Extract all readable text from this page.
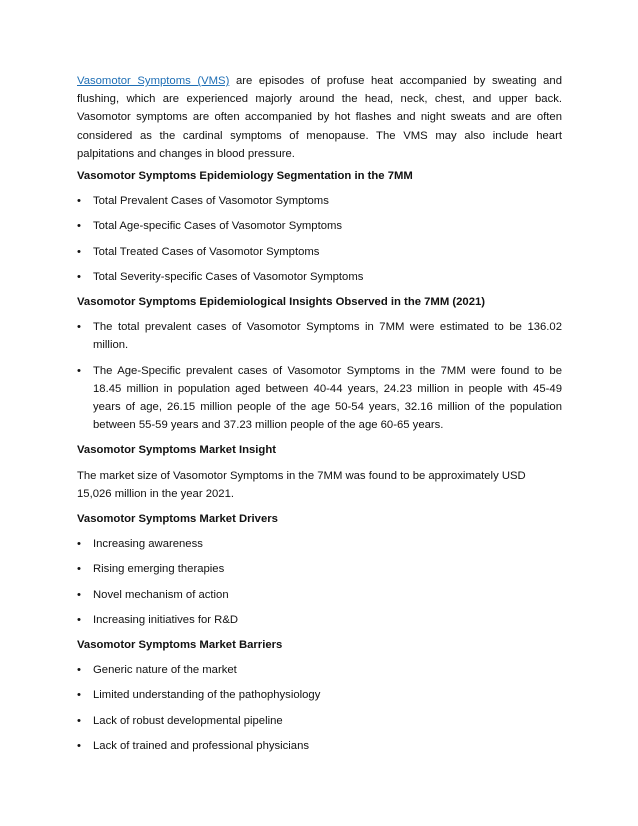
Vasomotor Symptoms (VMS) are episodes of profuse heat accompanied by sweating and flushing, which are experienced majorly around the head, neck, chest, and upper back. Vasomotor symptoms are often accompanied by hot flashes and night sweats and are often considered as the cardinal symptoms of menopause. The VMS may also include heart palpitations and changes in blood pressure.

Vasomotor Symptoms Epidemiology Segmentation in the 7MM

•	Total Prevalent Cases of Vasomotor Symptoms
•	Total Age-specific Cases of Vasomotor Symptoms
•	Total Treated Cases of Vasomotor Symptoms
•	Total Severity-specific Cases of Vasomotor Symptoms

Vasomotor Symptoms Epidemiological Insights Observed in the 7MM (2021)

•	The total prevalent cases of Vasomotor Symptoms in 7MM were estimated to be 136.02 million.
•	The Age-Specific prevalent cases of Vasomotor Symptoms in the 7MM were found to be 18.45 million in population aged between 40-44 years, 24.23 million in people with 45-49 years of age, 26.15 million people of the age 50-54 years, 32.16 million of the population between 55-59 years and 37.23 million people of the age 60-65 years.

Vasomotor Symptoms Market Insight

The market size of Vasomotor Symptoms in the 7MM was found to be approximately USD 15,026 million in the year 2021.

Vasomotor Symptoms Market Drivers

•	Increasing awareness
•	Rising emerging therapies
•	Novel mechanism of action
•	Increasing initiatives for R&D

Vasomotor Symptoms Market Barriers

•	Generic nature of the market
•	Limited understanding of the pathophysiology
•	Lack of robust developmental pipeline
•	Lack of trained and professional physicians
